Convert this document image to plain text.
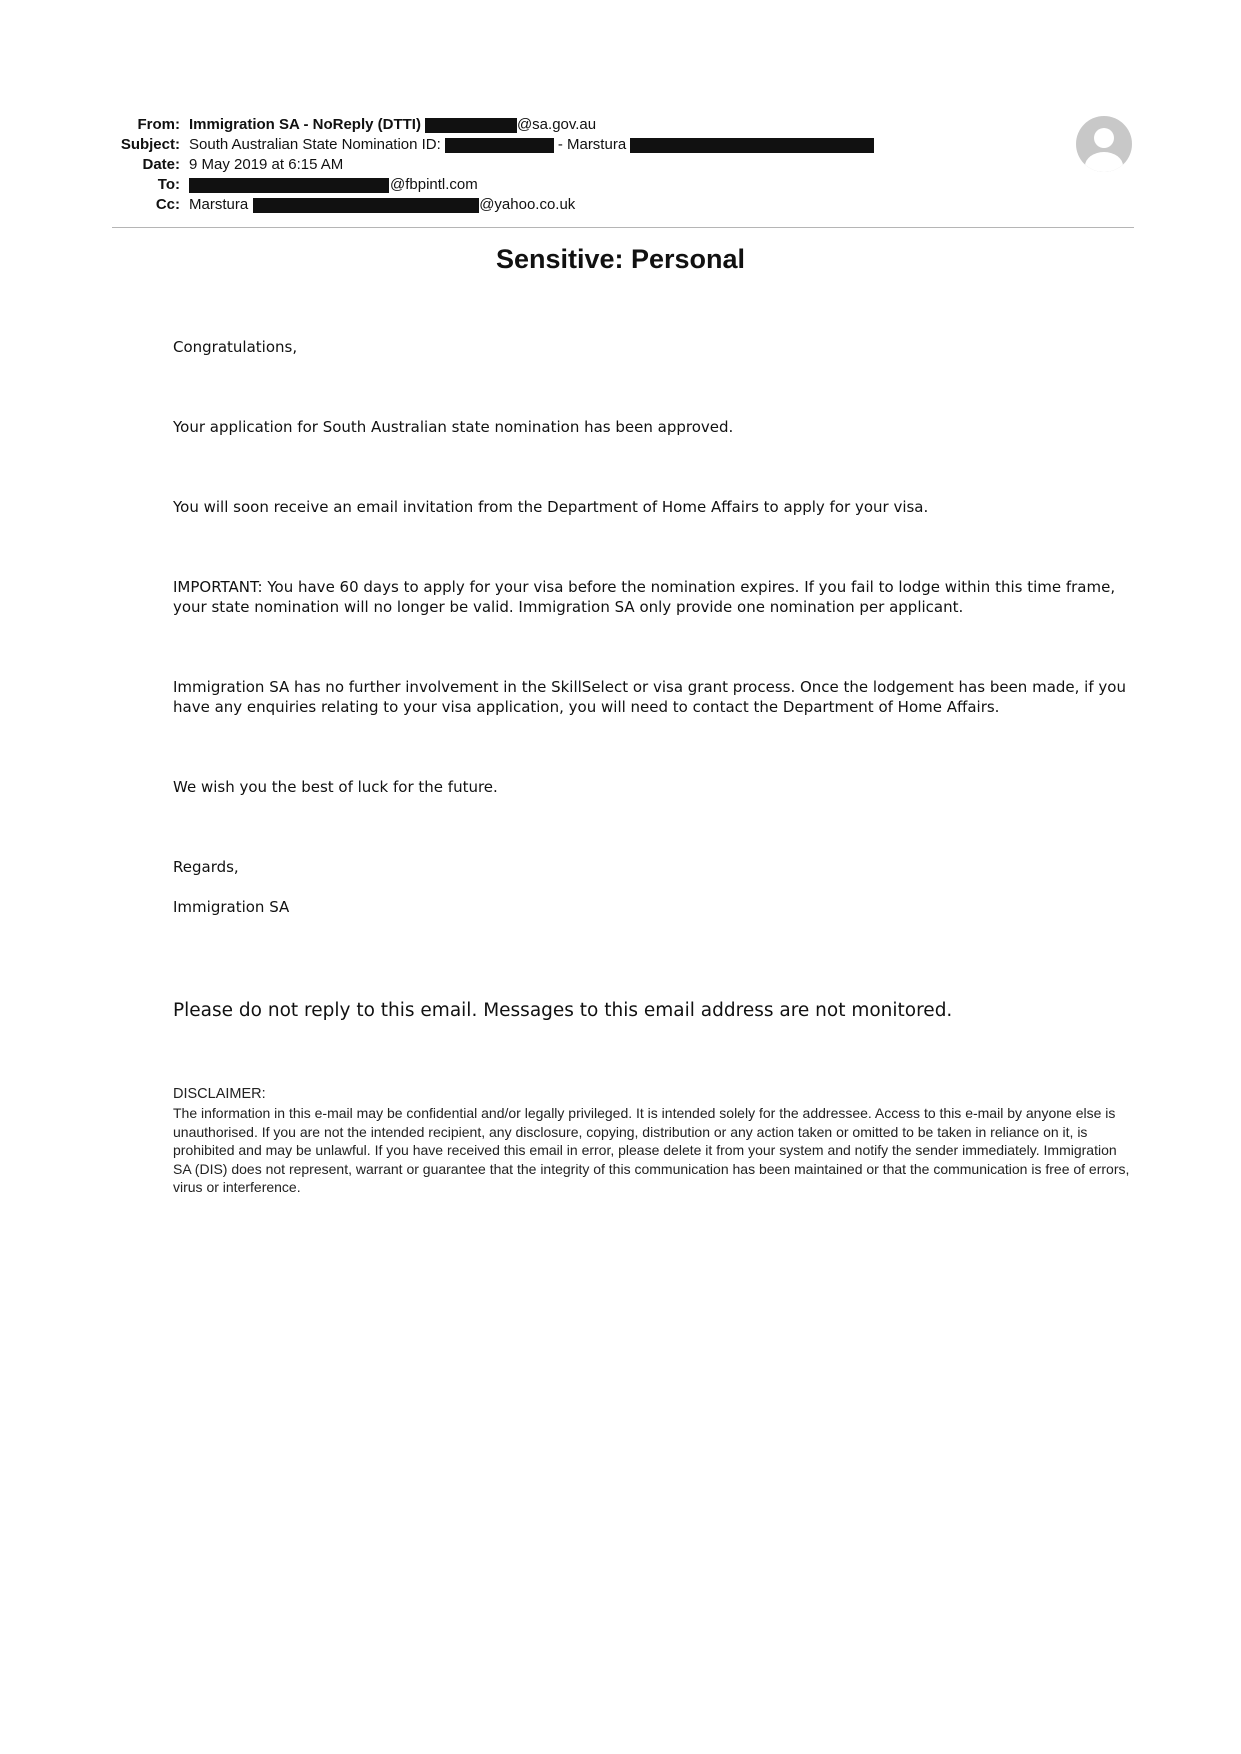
From: Immigration SA - NoReply (DTTI)	@sa.gov.au
Subject: South Australian State Nomination ID:	- Marstura
Date: 9 May 2019 at 6:15 AM
To:	@fbpintl.com
Cc: Marstura	@yahoo.co.uk
Sensitive: Personal
Congratulations,
Your application for South Australian state nomination has been approved.
You will soon receive an email invitation from the Department of Home Affairs to apply for your visa.
IMPORTANT: You have 60 days to apply for your visa before the nomination expires. If you fail to lodge within this time frame, your state nomination will no longer be valid. Immigration SA only provide one nomination per applicant.
Immigration SA has no further involvement in the SkillSelect or visa grant process. Once the lodgement has been made, if you have any enquiries relating to your visa application, you will need to contact the Department of Home Affairs.
We wish you the best of luck for the future.
Regards,
Immigration SA
Please do not reply to this email. Messages to this email address are not monitored.
DISCLAIMER:
The information in this e-mail may be confidential and/or legally privileged. It is intended solely for the addressee. Access to this e-mail by anyone else is unauthorised. If you are not the intended recipient, any disclosure, copying, distribution or any action taken or omitted to be taken in reliance on it, is prohibited and may be unlawful. If you have received this email in error, please delete it from your system and notify the sender immediately. Immigration SA (DIS) does not represent, warrant or guarantee that the integrity of this communication has been maintained or that the communication is free of errors, virus or interference.
